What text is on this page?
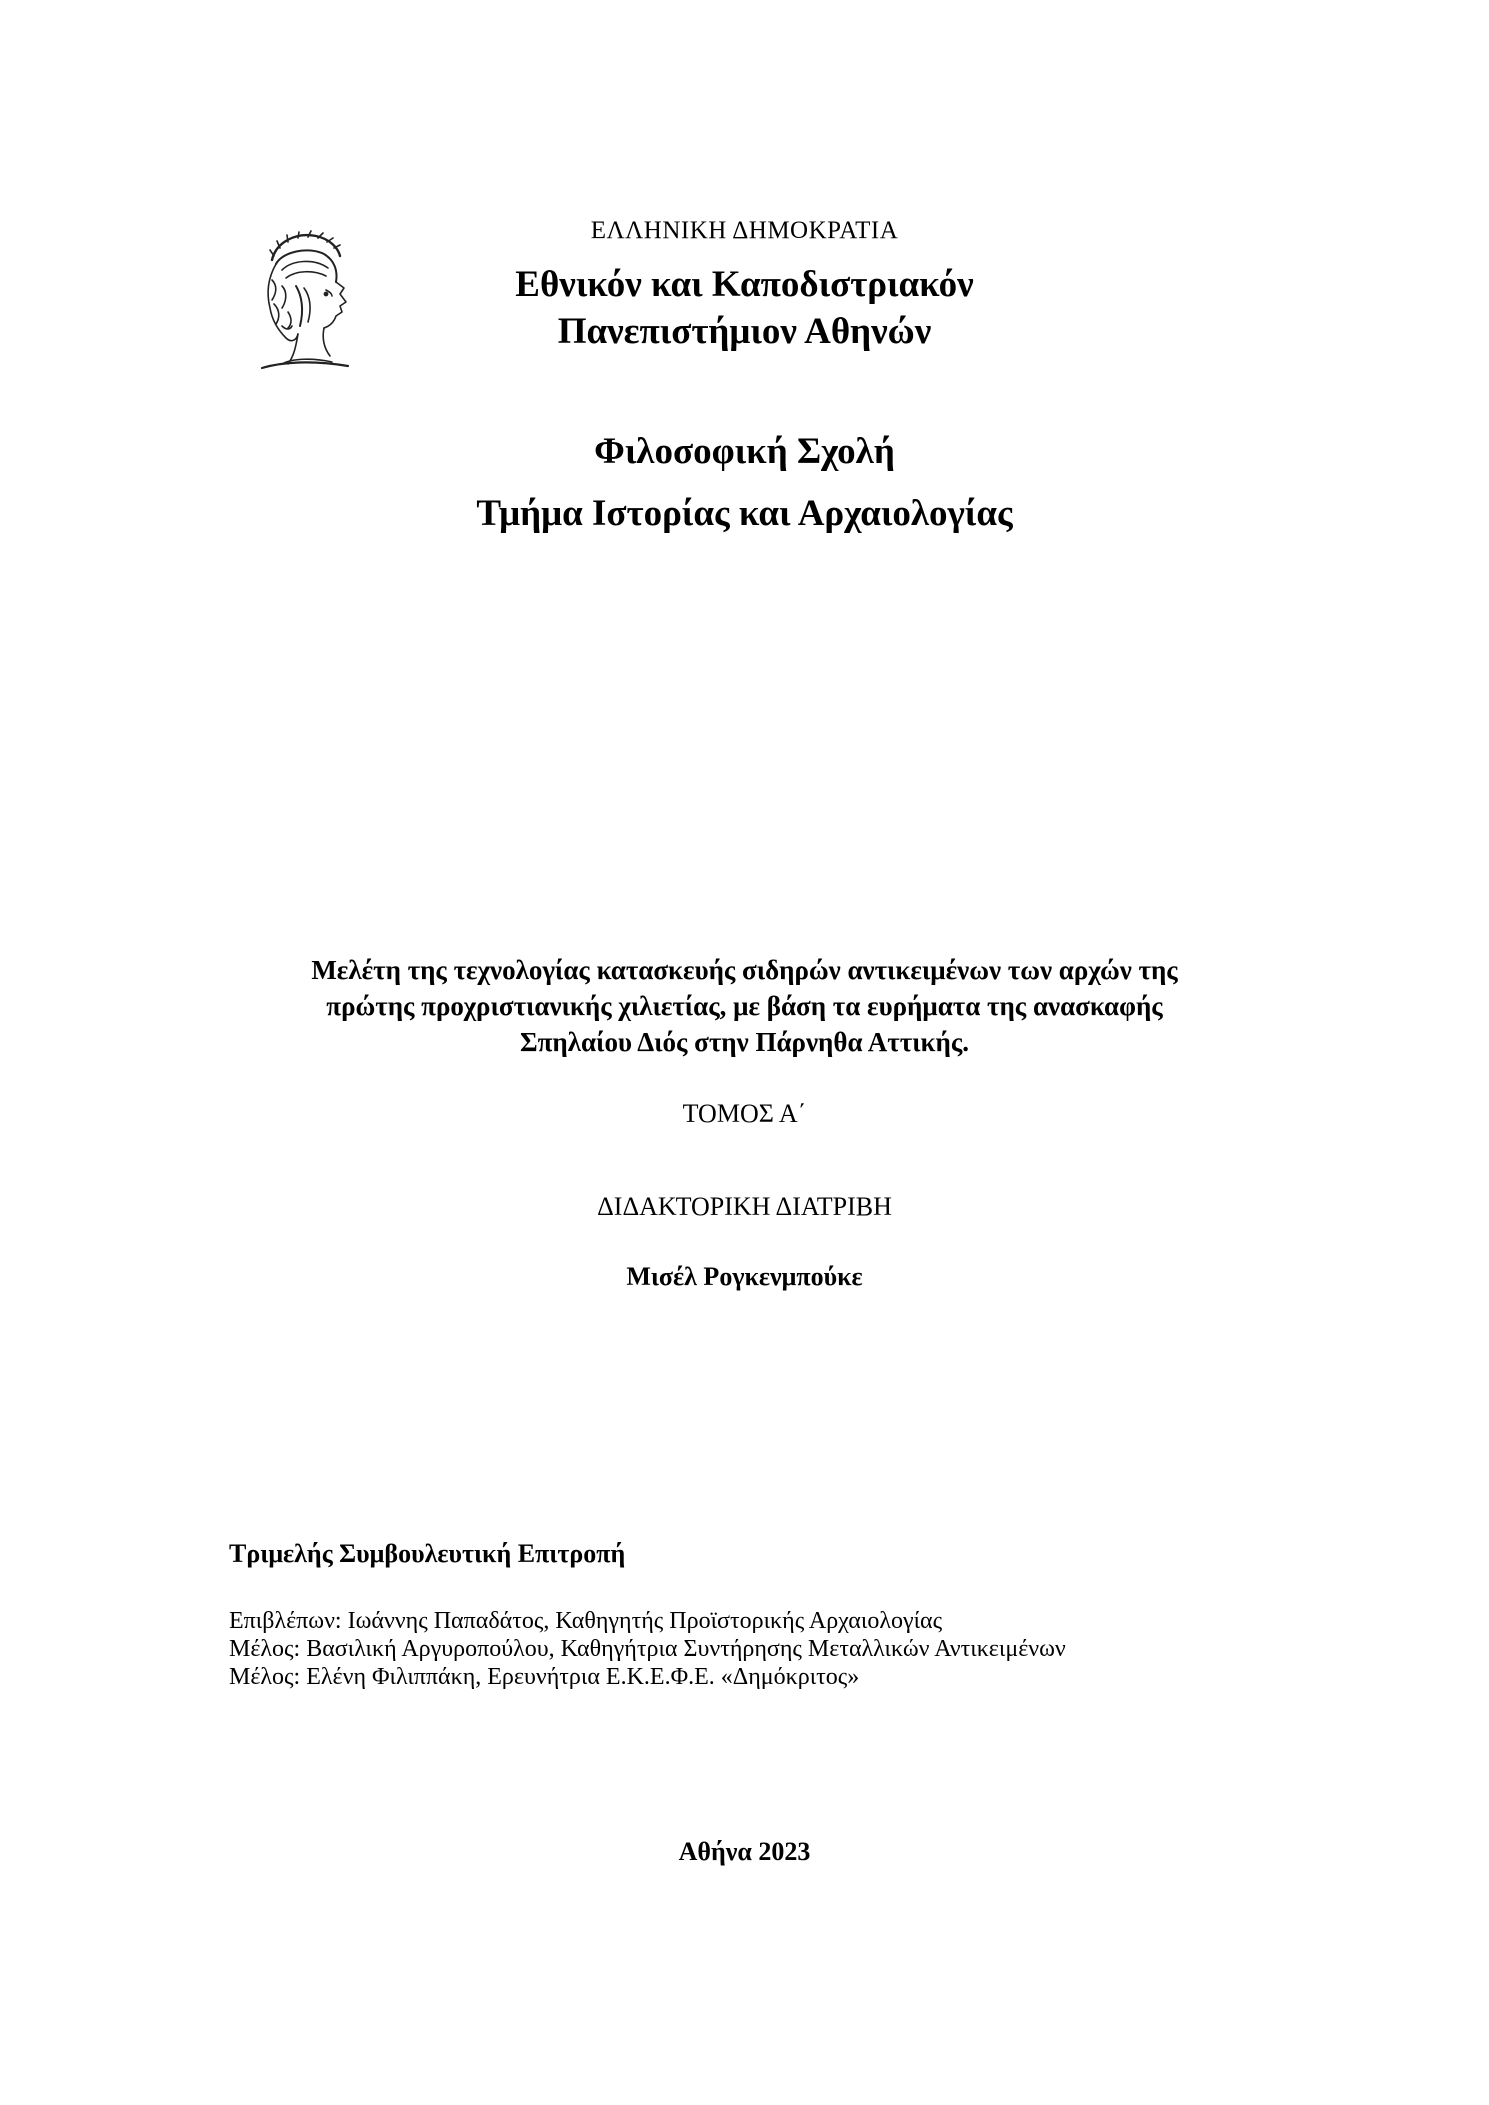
ΕΛΛΗΝΙΚΗ ΔΗΜΟΚΡΑΤΙΑ
Εθνικόν και Καποδιστριακόν
Πανεπιστήμιον Αθηνών
Φιλοσοφική Σχολή
Τμήμα Ιστορίας και Αρχαιολογίας
Μελέτη της τεχνολογίας κατασκευής σιδηρών αντικειμένων των αρχών της
πρώτης προχριστιανικής χιλιετίας, με βάση τα ευρήματα της ανασκαφής
Σπηλαίου Διός στην Πάρνηθα Αττικής.
ΤΟΜΟΣ Α΄
ΔΙΔΑΚΤΟΡΙΚΗ ΔΙΑΤΡΙΒΗ
Μισέλ Ρογκενμπούκε
Τριμελής Συμβουλευτική Επιτροπή
Επιβλέπων: Ιωάννης Παπαδάτος, Καθηγητής Προϊστορικής Αρχαιολογίας
Μέλος: Βασιλική Αργυροπούλου, Καθηγήτρια Συντήρησης Μεταλλικών Αντικειμένων
Μέλος: Ελένη Φιλιππάκη, Ερευνήτρια Ε.Κ.Ε.Φ.Ε. «Δημόκριτος»
Αθήνα 2023
